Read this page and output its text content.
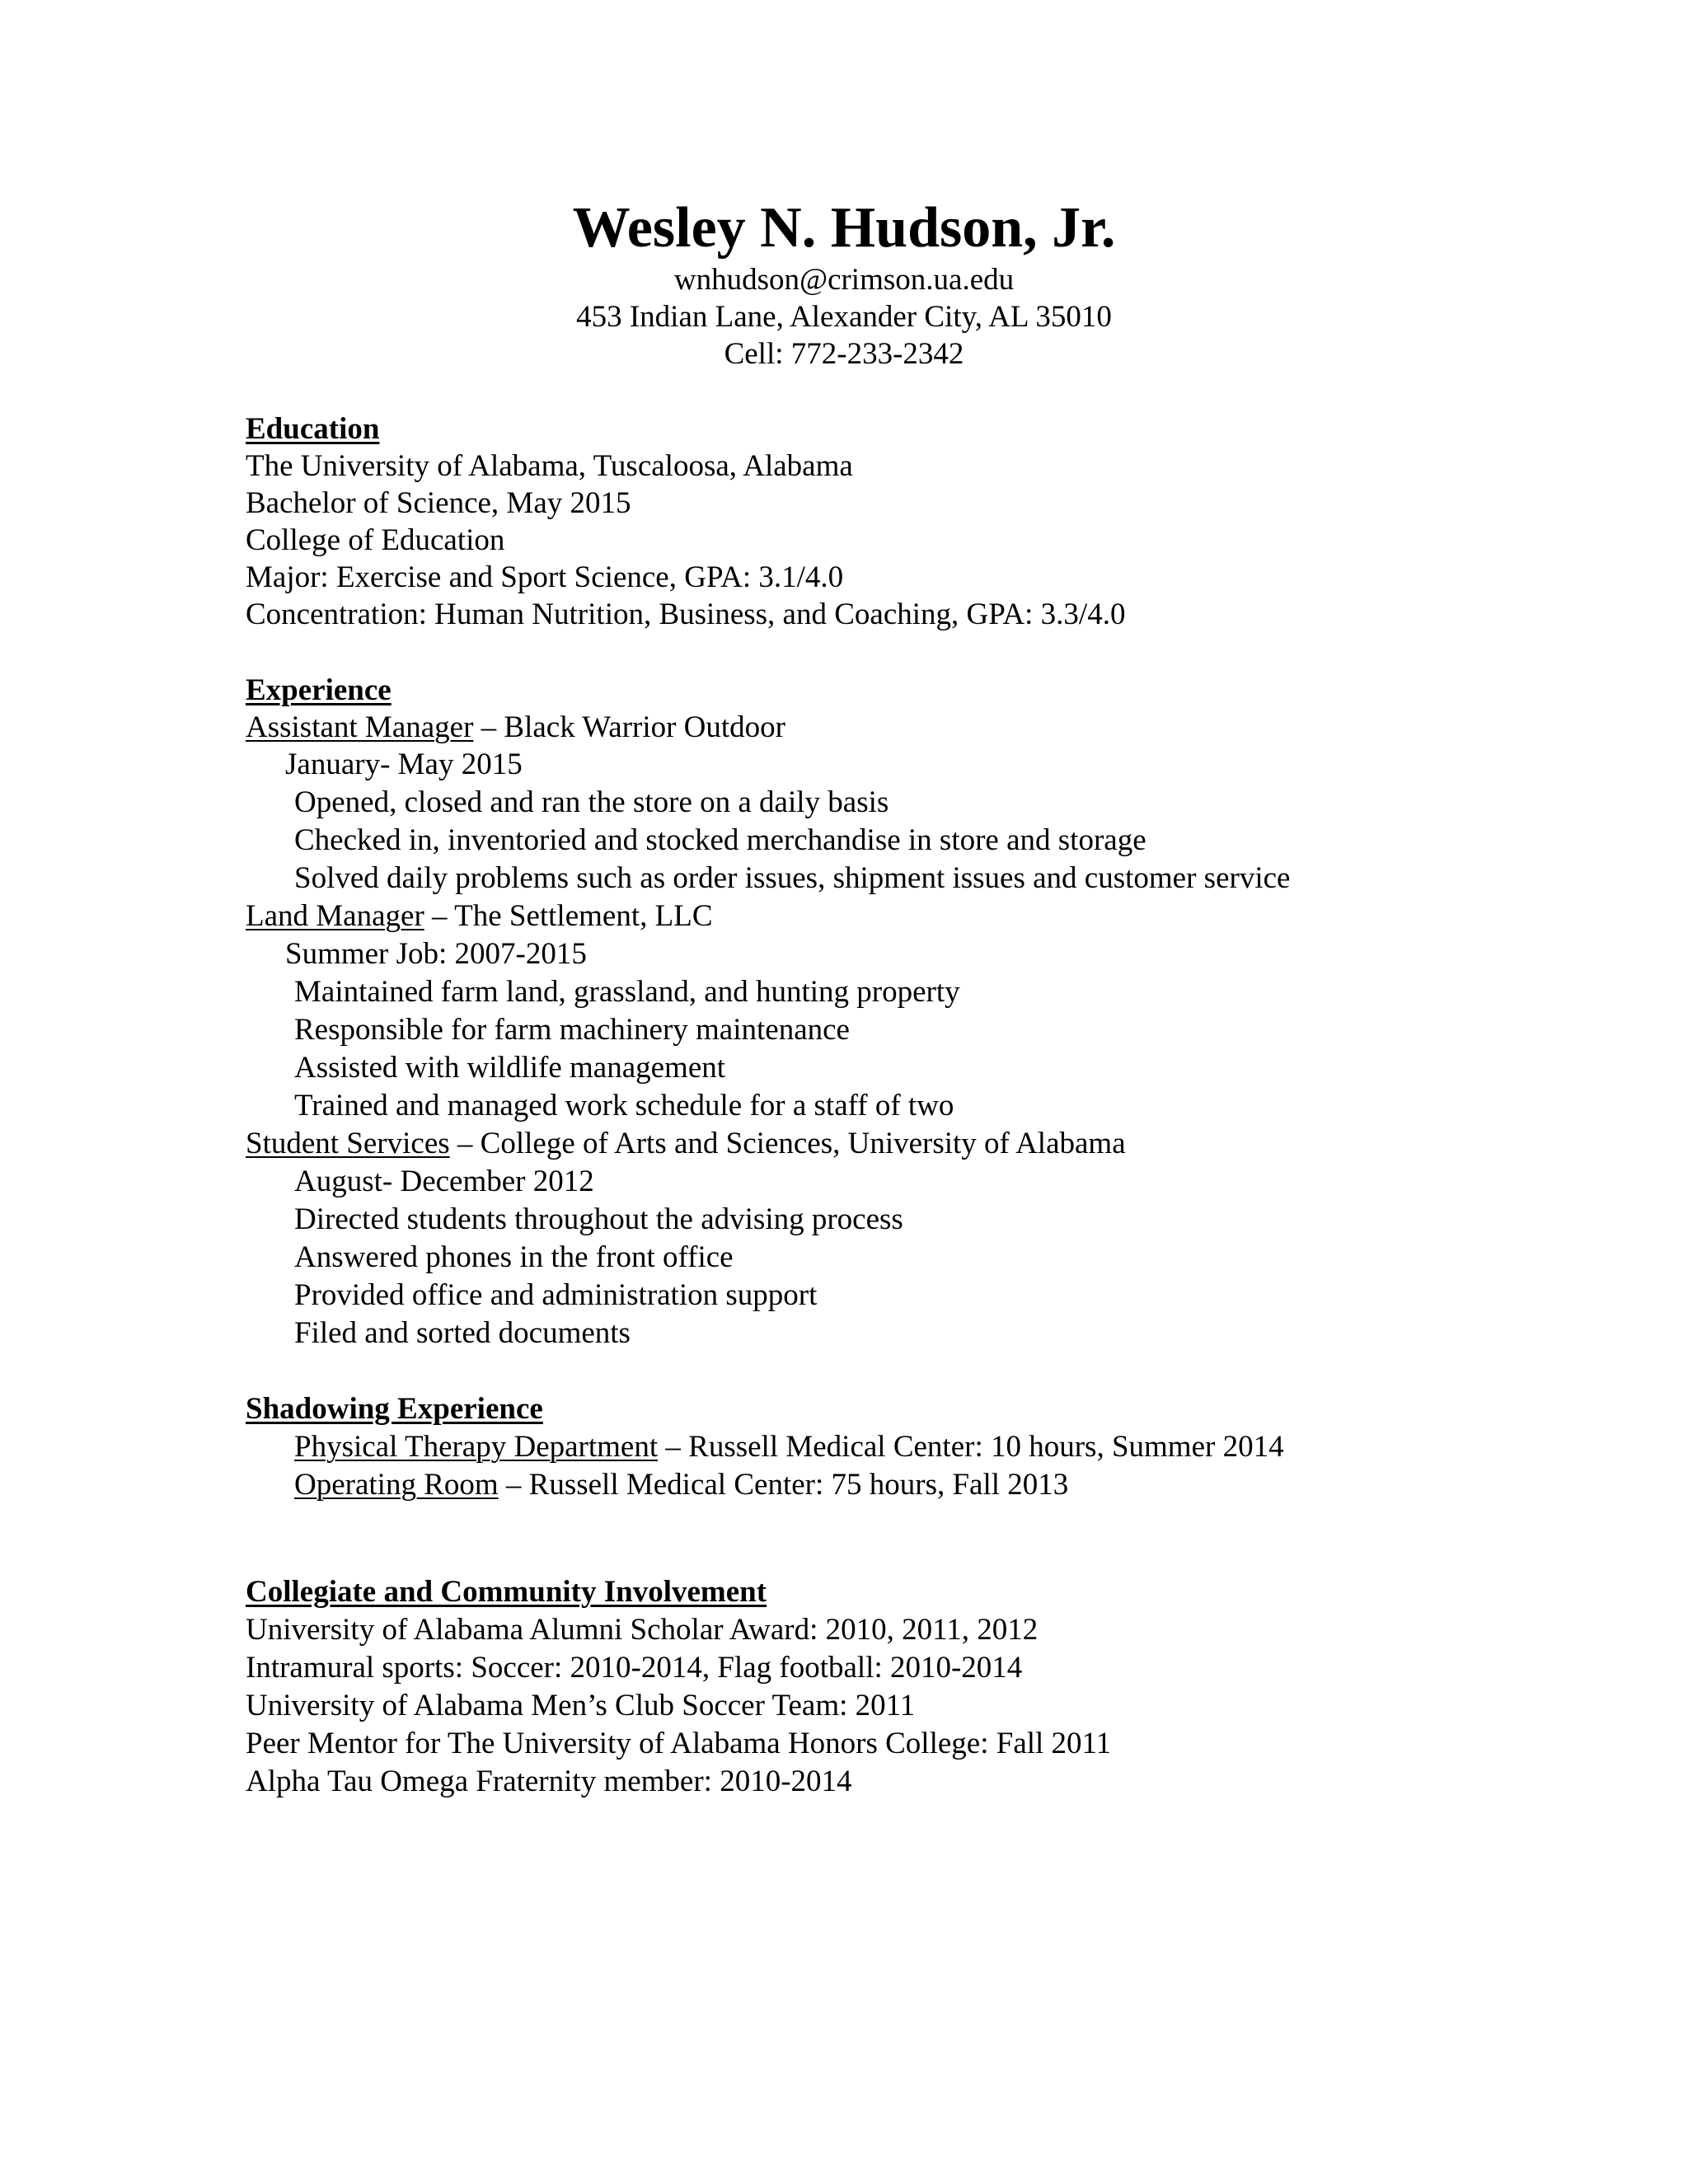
Wesley N. Hudson, Jr.
wnhudson@crimson.ua.edu
453 Indian Lane, Alexander City, AL 35010
Cell: 772-233-2342
Education
The University of Alabama, Tuscaloosa, Alabama
Bachelor of Science, May 2015
College of Education
Major: Exercise and Sport Science, GPA: 3.1/4.0
Concentration: Human Nutrition, Business, and Coaching, GPA: 3.3/4.0
Experience
Assistant Manager – Black Warrior Outdoor
January- May 2015
Opened, closed and ran the store on a daily basis
Checked in, inventoried and stocked merchandise in store and storage
Solved daily problems such as order issues, shipment issues and customer service
Land Manager – The Settlement, LLC
Summer Job: 2007-2015
Maintained farm land, grassland, and hunting property
Responsible for farm machinery maintenance
Assisted with wildlife management
Trained and managed work schedule for a staff of two
Student Services – College of Arts and Sciences, University of Alabama
August- December 2012
Directed students throughout the advising process
Answered phones in the front office
Provided office and administration support
Filed and sorted documents
Shadowing Experience
Physical Therapy Department – Russell Medical Center: 10 hours, Summer 2014
Operating Room – Russell Medical Center: 75 hours, Fall 2013
Collegiate and Community Involvement
University of Alabama Alumni Scholar Award: 2010, 2011, 2012
Intramural sports: Soccer: 2010-2014, Flag football: 2010-2014
University of Alabama Men’s Club Soccer Team: 2011
Peer Mentor for The University of Alabama Honors College: Fall 2011
Alpha Tau Omega Fraternity member: 2010-2014
